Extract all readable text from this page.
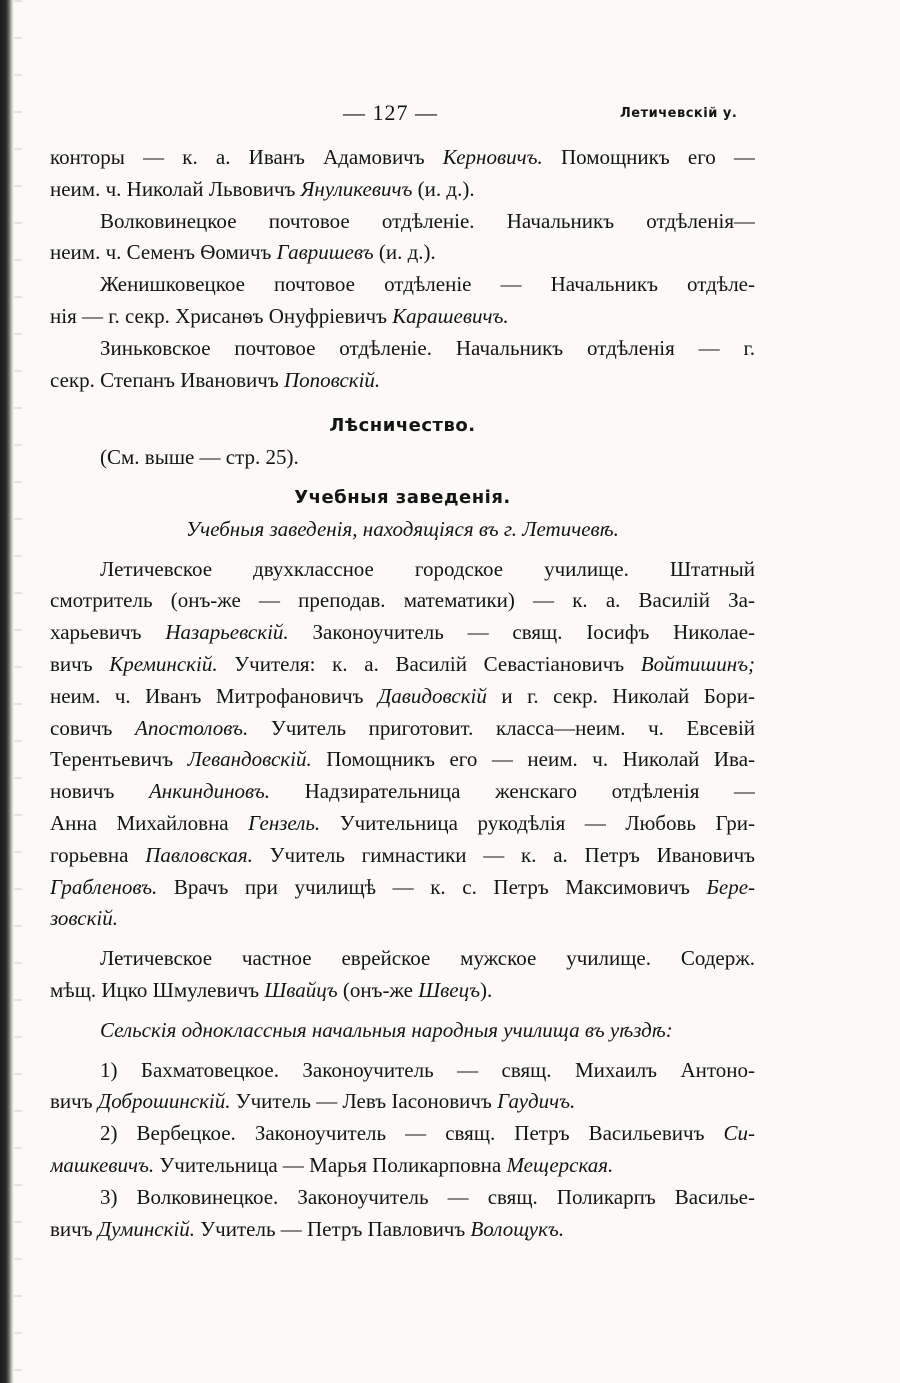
— 127 —	Летичевскій у.
конторы — к. а. Иванъ Адамовичъ Керновичъ. Помощникъ его —
неим. ч. Николай Львовичъ Януликевичъ (и. д.).
Волковинецкое почтовое отдѣленіе. Начальникъ отдѣленія—
неим. ч. Семенъ Ѳомичъ Гавришевъ (и. д.).
Женишковецкое почтовое отдѣленіе — Начальникъ отдѣле-
нія — г. секр. Хрисанѳъ Онуфріевичъ Карашевичъ.
Зиньковское почтовое отдѣленіе. Начальникъ отдѣленія — г.
секр. Степанъ Ивановичъ Поповскій.
Лѣсничество.
(См. выше — стр. 25).
Учебныя заведенія.
Учебныя заведенія, находящіяся въ г. Летичевѣ.
Летичевское двухклассное городское училище. Штатный
смотритель (онъ-же — преподав. математики) — к. а. Василій За-
харьевичъ Назарьевскій. Законоучитель — свящ. Іосифъ Николае-
вичъ Креминскій. Учителя: к. а. Василій Севастіановичъ Войтишинъ;
неим. ч. Иванъ Митрофановичъ Давидовскій и г. секр. Николай Бори-
совичъ Апостоловъ. Учитель приготовит. класса—неим. ч. Евсевій
Терентьевичъ Левандовскій. Помощникъ его — неим. ч. Николай Ива-
новичъ Анкиндиновъ. Надзирательница женскаго отдѣленія —
Анна Михайловна Гензель. Учительница рукодѣлія — Любовь Гри-
горьевна Павловская. Учитель гимнастики — к. а. Петръ Ивановичъ
Грабленовъ. Врачъ при училищѣ — к. с. Петръ Максимовичъ Бере-
зовскій.
Летичевское частное еврейское мужское училище. Содерж.
мѣщ. Ицко Шмулевичъ Швайцъ (онъ-же Швецъ).
Сельскія одноклассныя начальныя народныя училища въ уѣздѣ:
1) Бахматовецкое. Законоучитель — свящ. Михаилъ Антоно-
вичъ Доброшинскій. Учитель — Левъ Іасоновичъ Гаудичъ.
2) Вербецкое. Законоучитель — свящ. Петръ Васильевичъ Си-
машкевичъ. Учительница — Марья Поликарповна Мещерская.
3) Волковинецкое. Законоучитель — свящ. Поликарпъ Василье-
вичъ Думинскій. Учитель — Петръ Павловичъ Волощукъ.
